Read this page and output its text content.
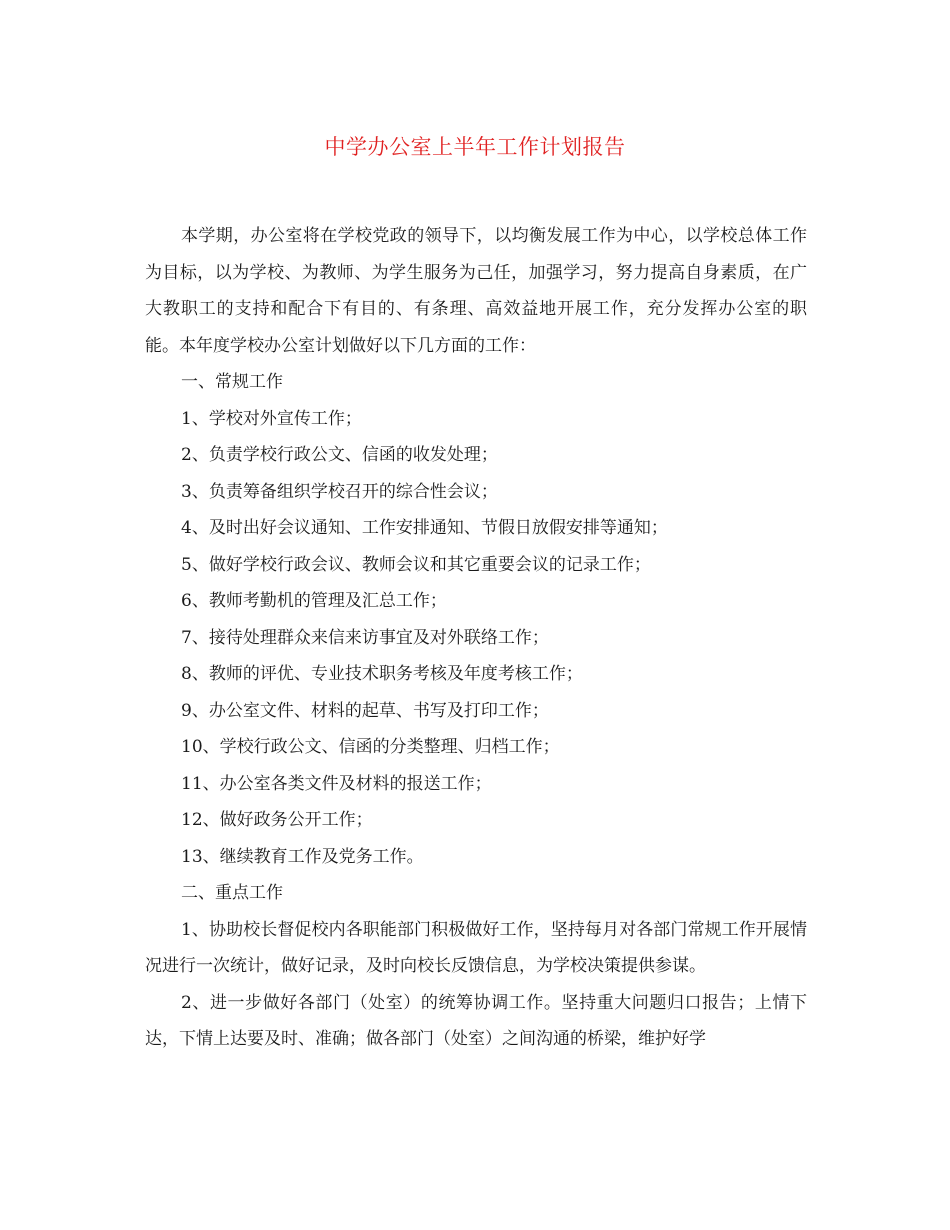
中学办公室上半年工作计划报告

本学期，办公室将在学校党政的领导下，以均衡发展工作为中心，以学校总体工作为目标，以为学校、为教师、为学生服务为己任，加强学习，努力提高自身素质，在广大教职工的支持和配合下有目的、有条理、高效益地开展工作，充分发挥办公室的职能。本年度学校办公室计划做好以下几方面的工作：

一、常规工作

1、学校对外宣传工作；

2、负责学校行政公文、信函的收发处理；

3、负责筹备组织学校召开的综合性会议；

4、及时出好会议通知、工作安排通知、节假日放假安排等通知；

5、做好学校行政会议、教师会议和其它重要会议的记录工作；

6、教师考勤机的管理及汇总工作；

7、接待处理群众来信来访事宜及对外联络工作；

8、教师的评优、专业技术职务考核及年度考核工作；

9、办公室文件、材料的起草、书写及打印工作；

10、学校行政公文、信函的分类整理、归档工作；

11、办公室各类文件及材料的报送工作；

12、做好政务公开工作；

13、继续教育工作及党务工作。

二、重点工作

1、协助校长督促校内各职能部门积极做好工作，坚持每月对各部门常规工作开展情况进行一次统计，做好记录，及时向校长反馈信息，为学校决策提供参谋。

2、进一步做好各部门（处室）的统筹协调工作。坚持重大问题归口报告；上情下达，下情上达要及时、准确；做各部门（处室）之间沟通的桥梁，维护好学
